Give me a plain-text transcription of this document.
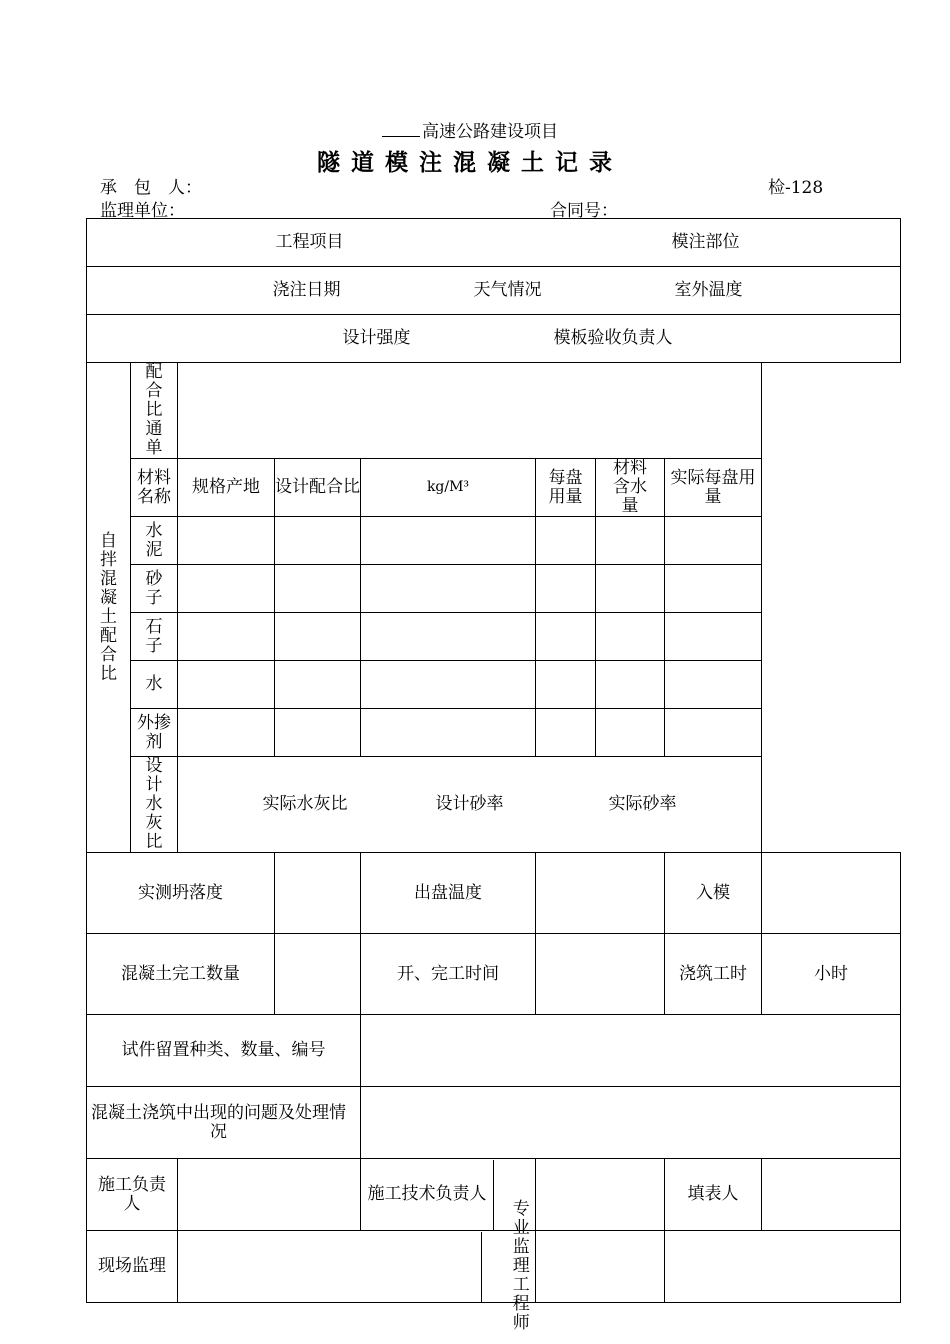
高速公路建设项目
隧道模注混凝土记录
承　包　人：	检-128
监理单位：	合同号：
工程项目 模注部位								
浇注日期 天气情况 室外温度								
设计强度 模板验收负责人								
自拌混凝土配合比	配合比通单							
	材料名称	规格产地	设计配合比	kg/M³	每盘用量	材料含水量	实际每盘用量	
	水　泥							
	砂　子							
	石　子							
	水							
	外掺剂							
	设计水灰比	实际水灰比 设计砂率 实际砂率						
实测坍落度				出盘温度			入模	
混凝土完工数量				开、完工时间			浇筑工时	小时
试件留置种类、数量、编号								
混凝土浇筑中出现的问题及处理情况								
施工负责人				施工技术负责人			填表人	
现场监理				专业监理工程师				
